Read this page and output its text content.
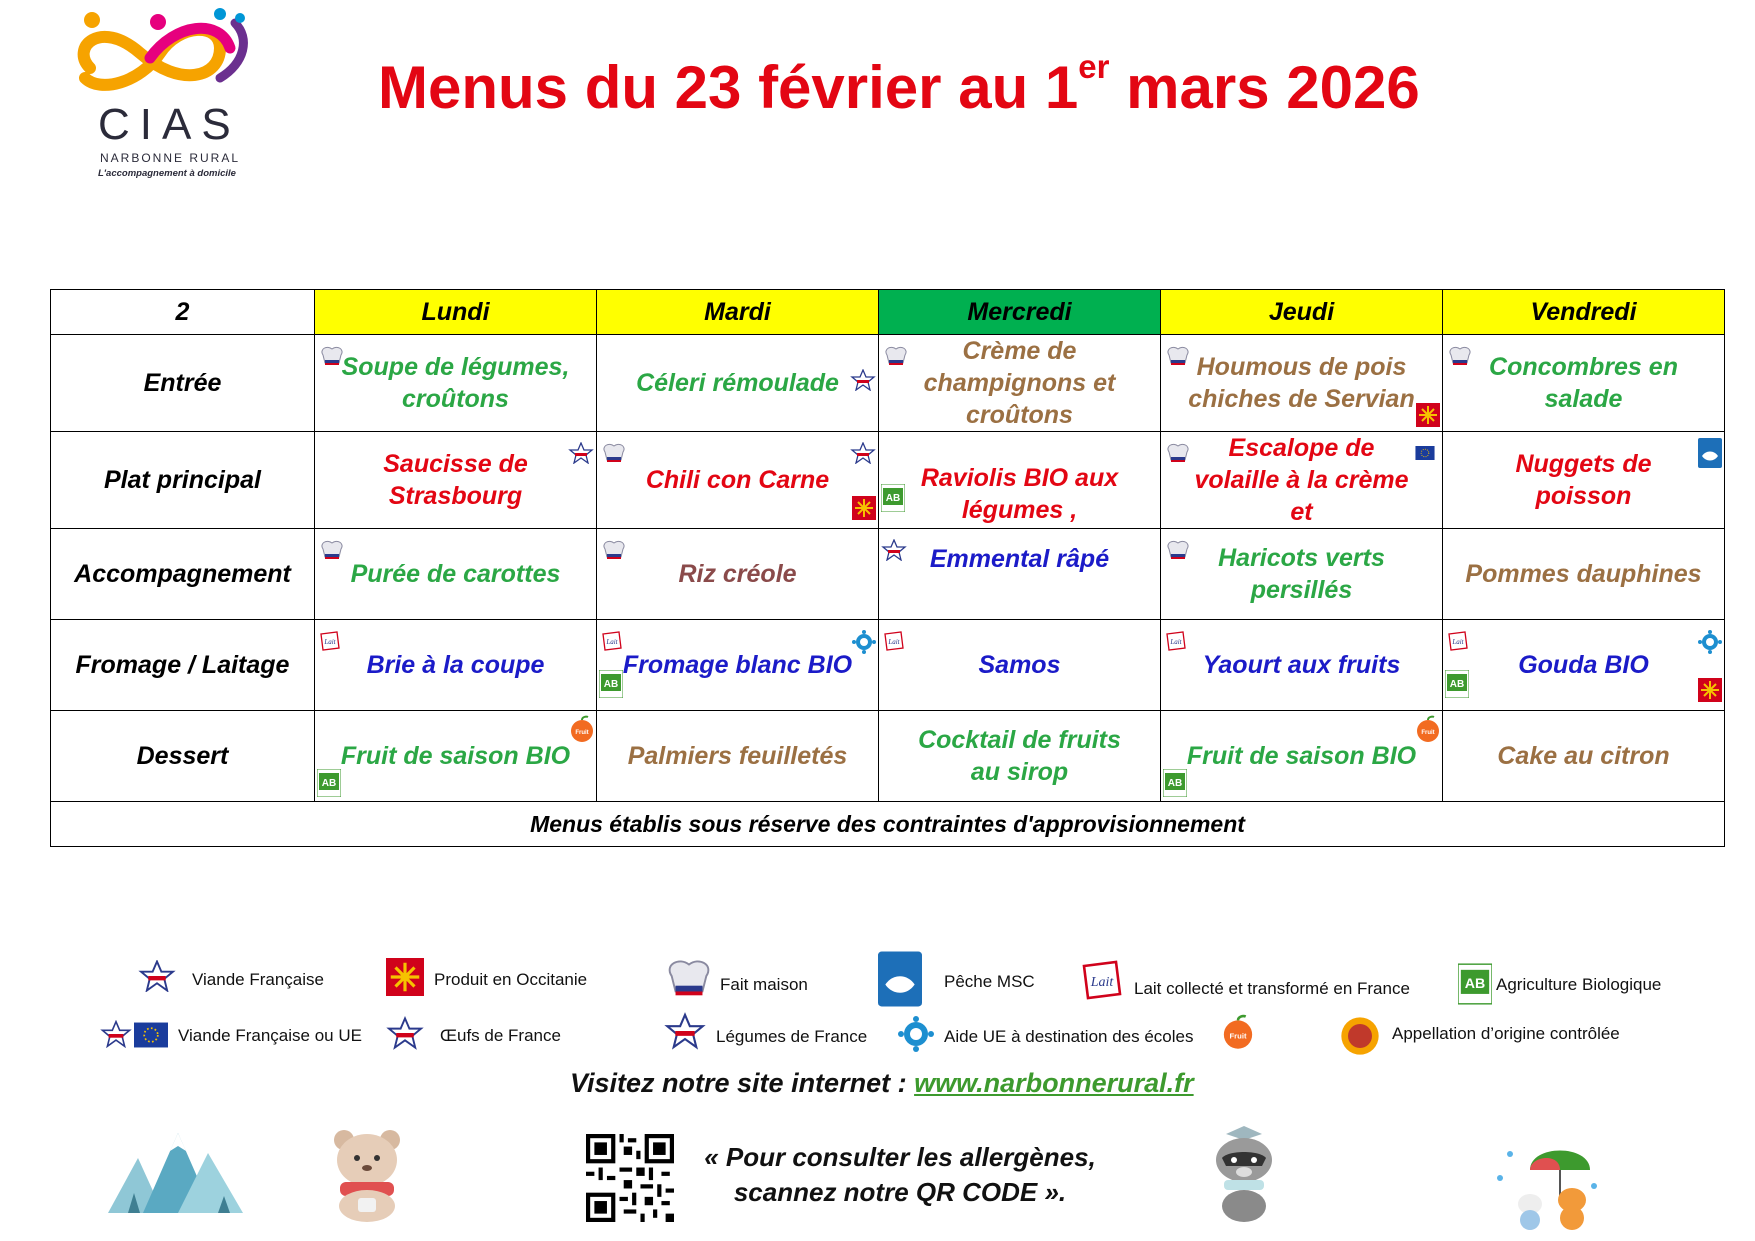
CIAS
NARBONNE RURAL
L'accompagnement à domicile
Menus du 23 février au 1er mars 2026
2	Lundi	Mardi	Mercredi	Jeudi	Vendredi
Entrée	Soupe de légumes, croûtons	Céleri rémoulade	Crème de champignons et croûtons	Houmous de pois chiches de Servian	Concombres en salade

Plat principal	Saucisse de Strasbourg	Chili con Carne	Raviolis BIO aux légumes ,	Escalope de volaille à la crème et	Nuggets de poisson

Accompagnement	Purée de carottes	Riz créole	Emmental râpé	Haricots verts persillés	Pommes dauphines

Fromage / Laitage	Brie à la coupe	Fromage blanc BIO	Samos	Yaourt aux fruits	Gouda BIO

Dessert	Fruit de saison BIO	Palmiers feuilletés	Cocktail de fruits au sirop	Fruit de saison BIO	Cake au citron

Menus établis sous réserve des contraintes d'approvisionnement					
Viande Française	Produit en Occitanie	Fait maison	Pêche MSC	Lait collecté et transformé en France	Agriculture Biologique
Viande Française ou UE	Œufs de France	Légumes de France	Aide UE à destination des écoles	Appellation d’origine contrôlée
Visitez notre site internet : www.narbonnerural.fr
« Pour consulter les allergènes,
scannez notre QR CODE ».
